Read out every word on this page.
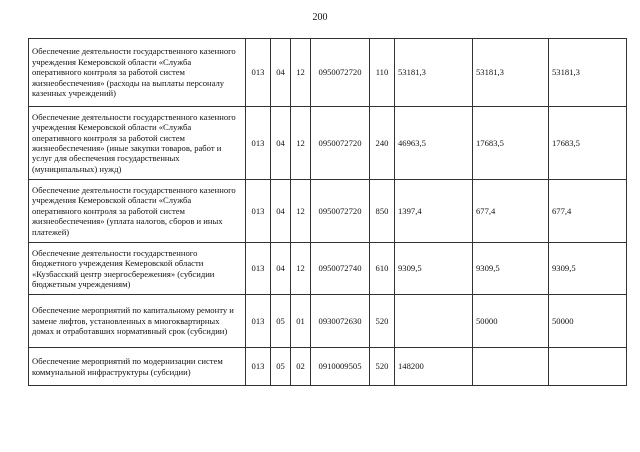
200
Обеспечение деятельности государственного казенного учреждения Кемеровской области «Служба оперативного контроля за работой систем жизнеобеспечения» (расходы на выплаты персоналу казенных учреждений)	013	04	12	0950072720	110	53181,3	53181,3	53181,3
Обеспечение деятельности государственного казенного учреждения Кемеровской области «Служба оперативного контроля за работой систем жизнеобеспечения» (иные закупки товаров, работ и услуг для обеспечения государственных (муниципальных) нужд)	013	04	12	0950072720	240	46963,5	17683,5	17683,5
Обеспечение деятельности государственного казенного учреждения Кемеровской области «Служба оперативного контроля за работой систем жизнеобеспечения» (уплата налогов, сборов и иных платежей)	013	04	12	0950072720	850	1397,4	677,4	677,4
Обеспечение деятельности государственного бюджетного учреждения Кемеровской области «Кузбасский центр энергосбережения» (субсидии бюджетным учреждениям)	013	04	12	0950072740	610	9309,5	9309,5	9309,5
Обеспечение мероприятий по капитальному ремонту и замене лифтов, установленных в многоквартирных домах и отработавших нормативный срок (субсидии)	013	05	01	0930072630	520		50000	50000
Обеспечение мероприятий по модернизации систем коммунальной инфраструктуры (субсидии)	013	05	02	0910009505	520	148200		
